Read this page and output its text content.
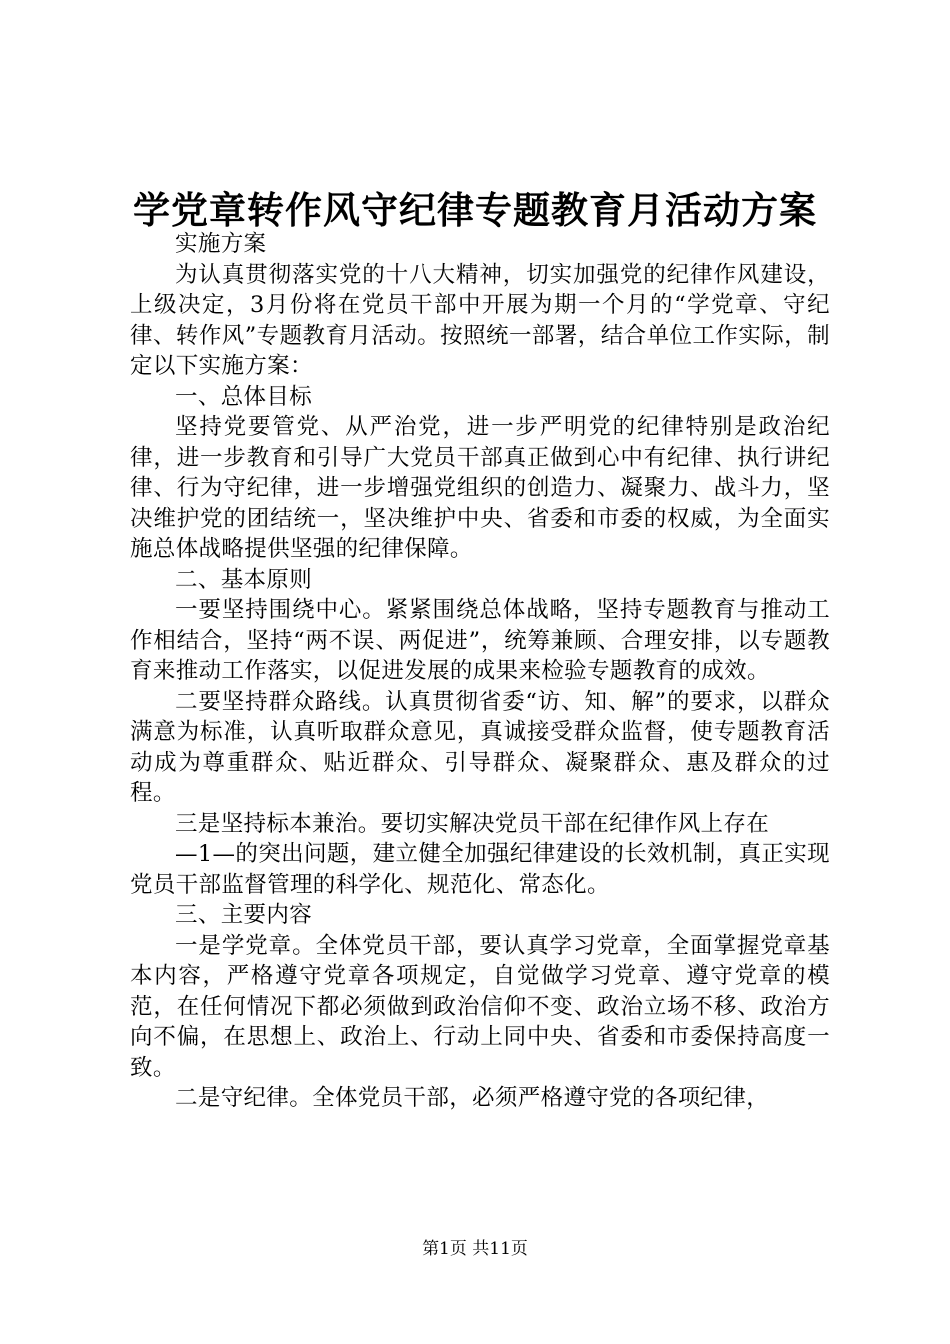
学党章转作风守纪律专题教育月活动方案

实施方案

为认真贯彻落实党的十八大精神，切实加强党的纪律作风建设，上级决定，3月份将在党员干部中开展为期一个月的“学党章、守纪律、转作风”专题教育月活动。按照统一部署，结合单位工作实际，制定以下实施方案：

一、总体目标

坚持党要管党、从严治党，进一步严明党的纪律特别是政治纪律，进一步教育和引导广大党员干部真正做到心中有纪律、执行讲纪律、行为守纪律，进一步增强党组织的创造力、凝聚力、战斗力，坚决维护党的团结统一，坚决维护中央、省委和市委的权威，为全面实施总体战略提供坚强的纪律保障。

二、基本原则

一要坚持围绕中心。紧紧围绕总体战略，坚持专题教育与推动工作相结合，坚持“两不误、两促进”，统筹兼顾、合理安排，以专题教育来推动工作落实，以促进发展的成果来检验专题教育的成效。

二要坚持群众路线。认真贯彻省委“访、知、解”的要求，以群众满意为标准，认真听取群众意见，真诚接受群众监督，使专题教育活动成为尊重群众、贴近群众、引导群众、凝聚群众、惠及群众的过程。

三是坚持标本兼治。要切实解决党员干部在纪律作风上存在

—1—的突出问题，建立健全加强纪律建设的长效机制，真正实现党员干部监督管理的科学化、规范化、常态化。

三、主要内容

一是学党章。全体党员干部，要认真学习党章，全面掌握党章基本内容，严格遵守党章各项规定，自觉做学习党章、遵守党章的模范，在任何情况下都必须做到政治信仰不变、政治立场不移、政治方向不偏，在思想上、政治上、行动上同中央、省委和市委保持高度一致。

二是守纪律。全体党员干部，必须严格遵守党的各项纪律，

第1页 共11页
